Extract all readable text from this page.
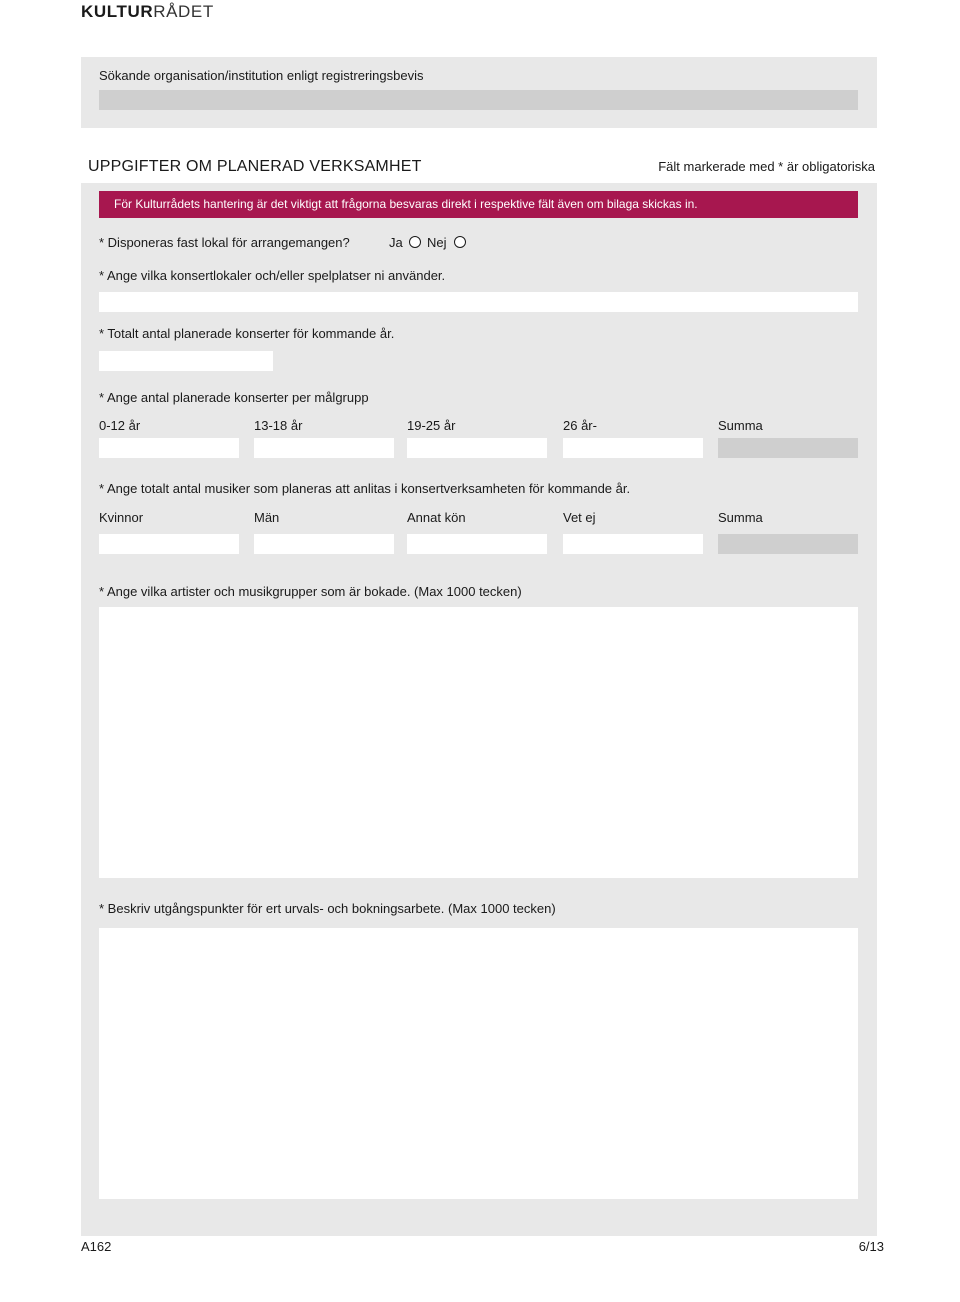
KULTURRÅDET
Sökande organisation/institution enligt registreringsbevis
UPPGIFTER OM PLANERAD VERKSAMHET	Fält markerade med * är obligatoriska
För Kulturrådets hantering är det viktigt att frågorna besvaras direkt i respektive fält även om bilaga skickas in.
* Disponeras fast lokal för arrangemangen?	Ja Nej
* Ange vilka konsertlokaler och/eller spelplatser ni använder.
* Totalt antal planerade konserter för kommande år.
* Ange antal planerade konserter per målgrupp
0-12 år	13-18 år	19-25 år	26 år-	Summa
* Ange totalt antal musiker som planeras att anlitas i konsertverksamheten för kommande år.
Kvinnor	Män	Annat kön	Vet ej	Summa
* Ange vilka artister och musikgrupper som är bokade. (Max 1000 tecken)
* Beskriv utgångspunkter för ert urvals- och bokningsarbete. (Max 1000 tecken)
A162	6/13
